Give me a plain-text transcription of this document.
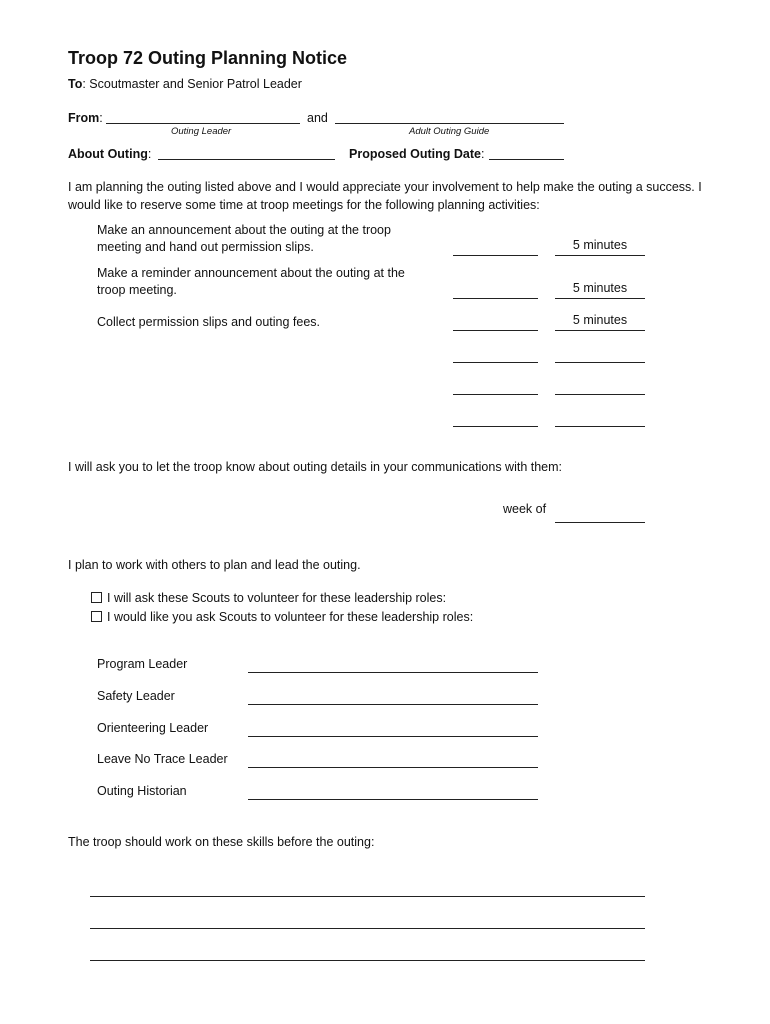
Troop 72 Outing Planning Notice
To: Scoutmaster and Senior Patrol Leader
From:	and
Outing Leader	Adult Outing Guide
About Outing:	Proposed Outing Date:
I am planning the outing listed above and I would appreciate your involvement to help make the outing a success. I
would like to reserve some time at troop meetings for the following planning activities:
Make an announcement about the outing at the troop
meeting and hand out permission slips.	5 minutes
Make a reminder announcement about the outing at the
troop meeting.	5 minutes
Collect permission slips and outing fees.	5 minutes
I will ask you to let the troop know about outing details in your communications with them:
week of
I plan to work with others to plan and lead the outing.
I will ask these Scouts to volunteer for these leadership roles:
I would like you ask Scouts to volunteer for these leadership roles:
Program Leader
Safety Leader
Orienteering Leader
Leave No Trace Leader
Outing Historian
The troop should work on these skills before the outing:
